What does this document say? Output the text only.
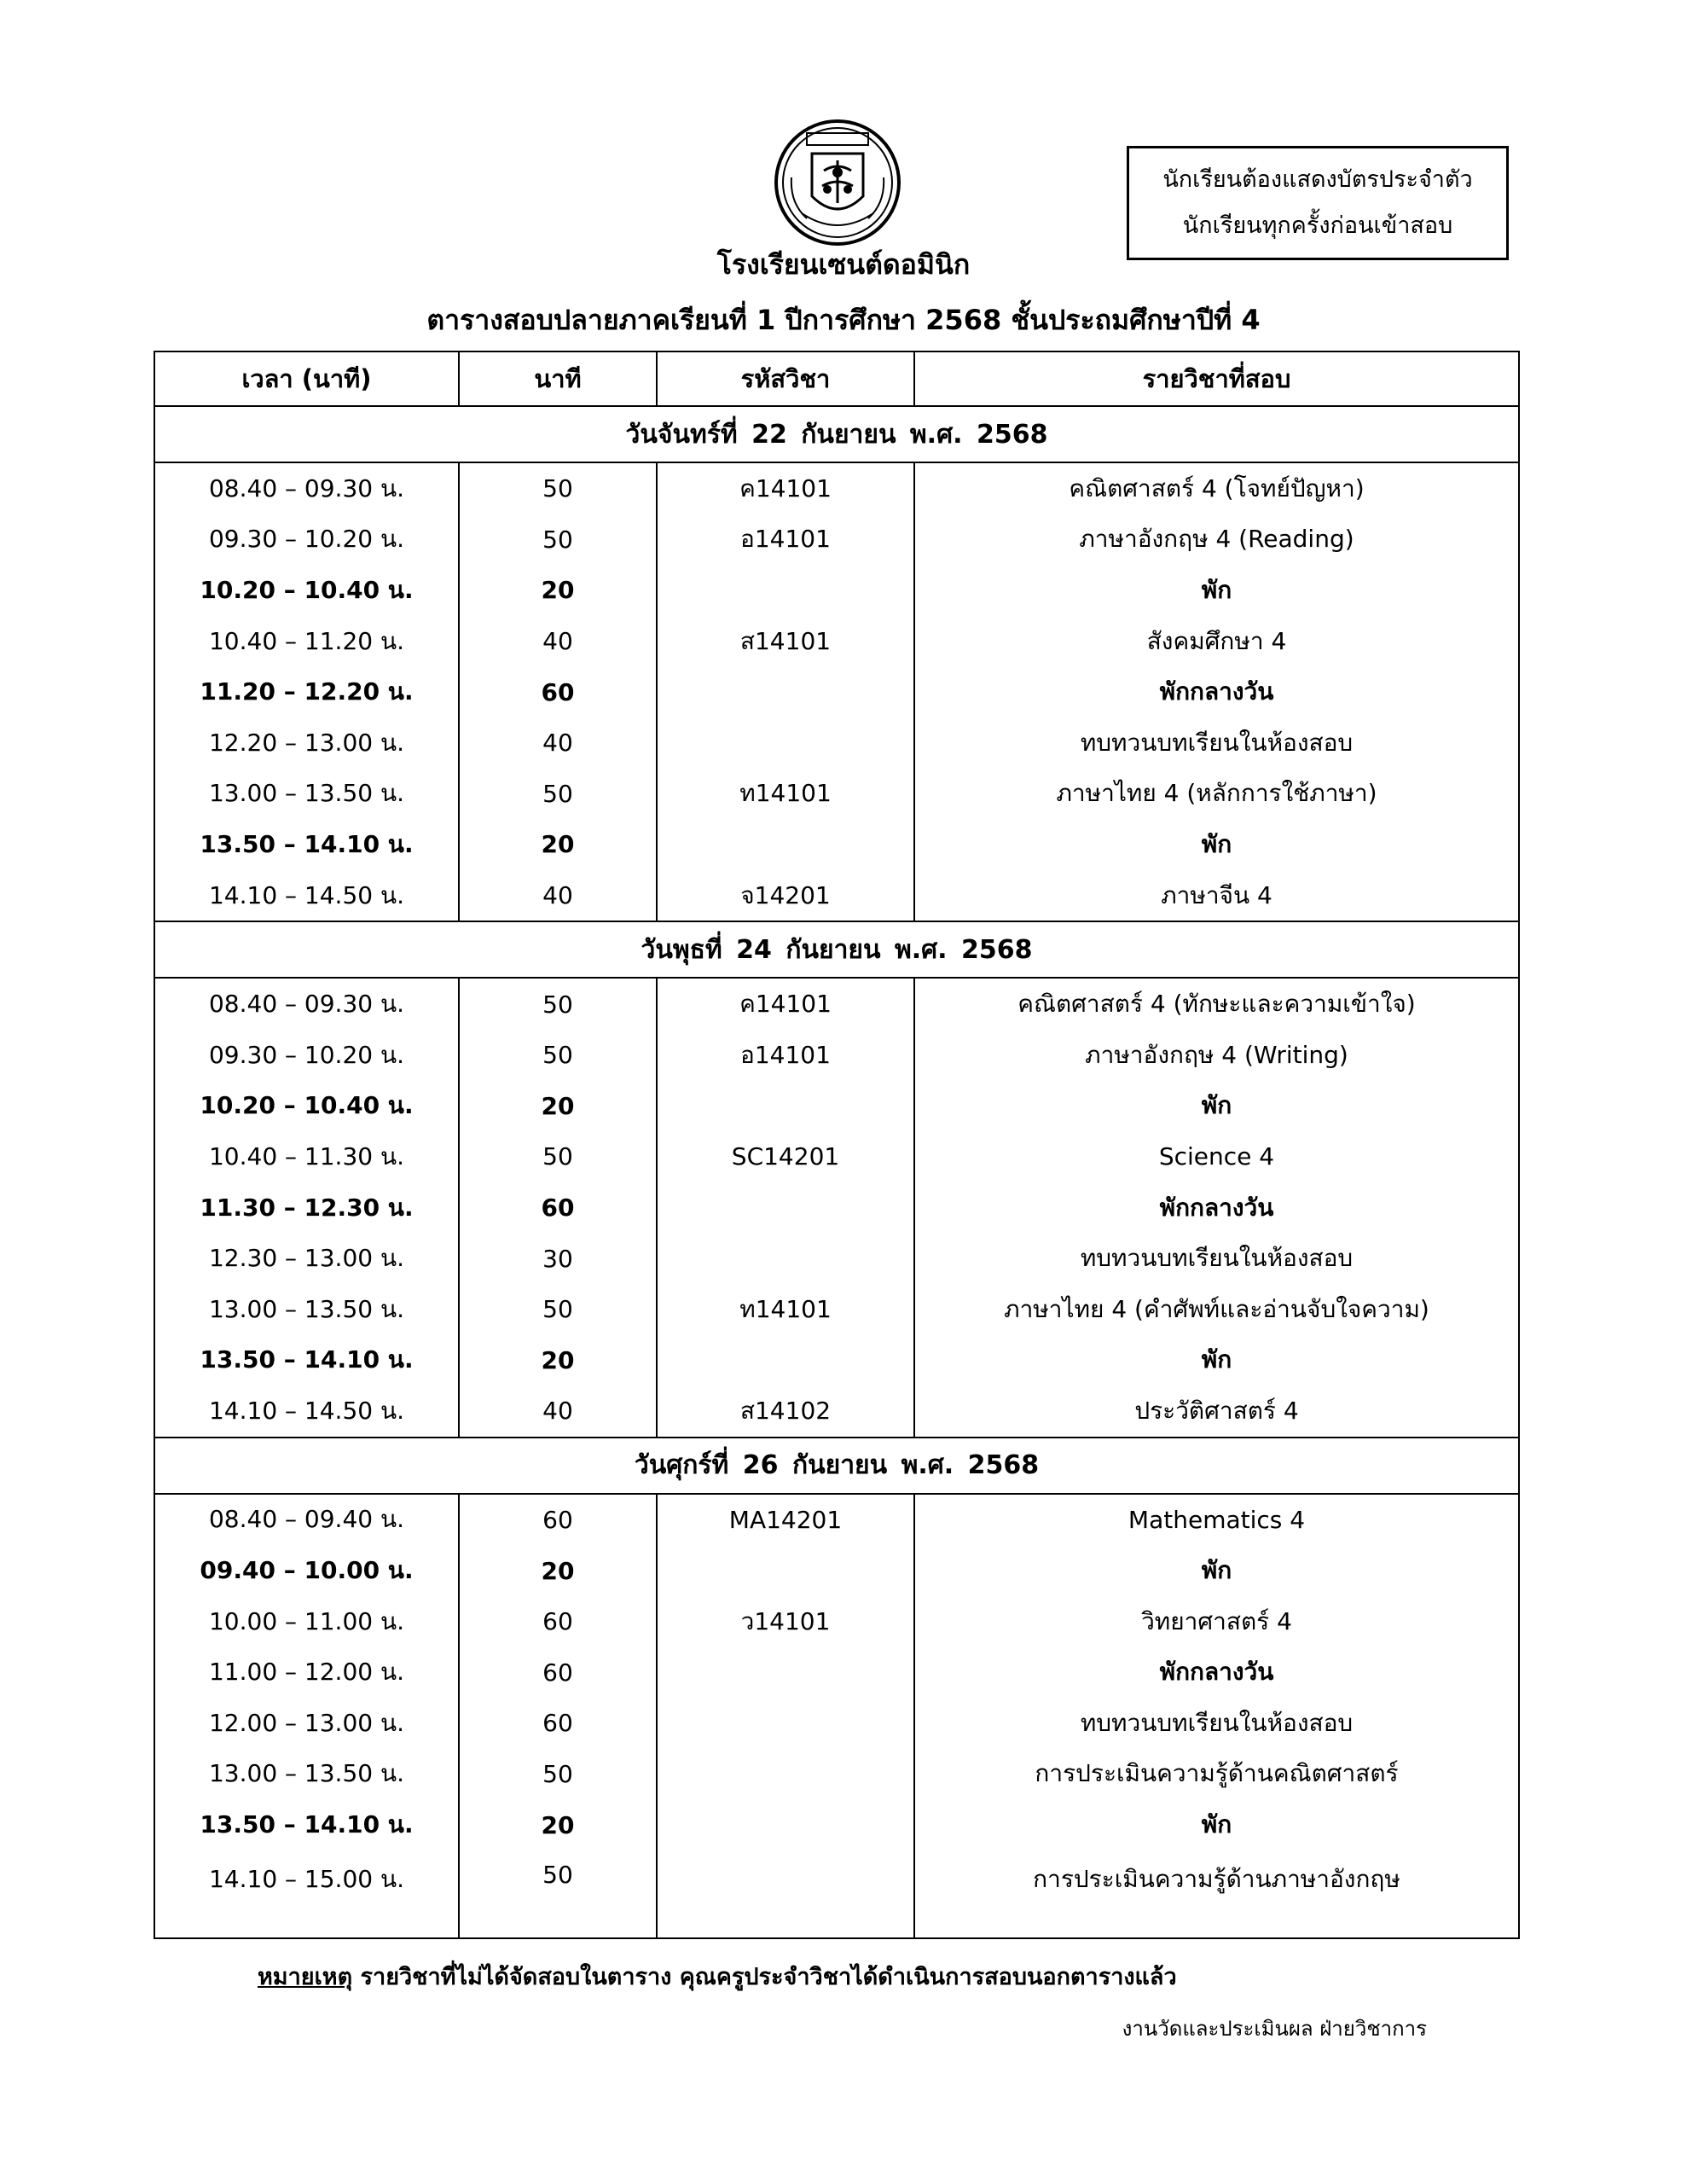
นักเรียนต้องแสดงบัตรประจำตัว
นักเรียนทุกครั้งก่อนเข้าสอบ
โรงเรียนเซนต์ดอมินิก
ตารางสอบปลายภาคเรียนที่ 1 ปีการศึกษา 2568 ชั้นประถมศึกษาปีที่ 4
เวลา (นาที)	นาที	รหัสวิชา	รายวิชาที่สอบ
วันจันทร์ที่ 22 กันยายน พ.ศ. 2568			
08.40 – 09.30 น.	50	ค14101	คณิตศาสตร์ 4 (โจทย์ปัญหา)
09.30 – 10.20 น.	50	อ14101	ภาษาอังกฤษ 4 (Reading)
10.20 – 10.40 น.	20		พัก
10.40 – 11.20 น.	40	ส14101	สังคมศึกษา 4
11.20 – 12.20 น.	60		พักกลางวัน
12.20 – 13.00 น.	40		ทบทวนบทเรียนในห้องสอบ
13.00 – 13.50 น.	50	ท14101	ภาษาไทย 4 (หลักการใช้ภาษา)
13.50 – 14.10 น.	20		พัก
14.10 – 14.50 น.	40	จ14201	ภาษาจีน 4
วันพุธที่ 24 กันยายน พ.ศ. 2568			
08.40 – 09.30 น.	50	ค14101	คณิตศาสตร์ 4 (ทักษะและความเข้าใจ)
09.30 – 10.20 น.	50	อ14101	ภาษาอังกฤษ 4 (Writing)
10.20 – 10.40 น.	20		พัก
10.40 – 11.30 น.	50	SC14201	Science 4
11.30 – 12.30 น.	60		พักกลางวัน
12.30 – 13.00 น.	30		ทบทวนบทเรียนในห้องสอบ
13.00 – 13.50 น.	50	ท14101	ภาษาไทย 4 (คำศัพท์และอ่านจับใจความ)
13.50 – 14.10 น.	20		พัก
14.10 – 14.50 น.	40	ส14102	ประวัติศาสตร์ 4
วันศุกร์ที่ 26 กันยายน พ.ศ. 2568			
08.40 – 09.40 น.	60	MA14201	Mathematics 4
09.40 – 10.00 น.	20		พัก
10.00 – 11.00 น.	60	ว14101	วิทยาศาสตร์ 4
11.00 – 12.00 น.	60		พักกลางวัน
12.00 – 13.00 น.	60		ทบทวนบทเรียนในห้องสอบ
13.00 – 13.50 น.	50		การประเมินความรู้ด้านคณิตศาสตร์
13.50 – 14.10 น.	20		พัก
14.10 – 15.00 น.	50		การประเมินความรู้ด้านภาษาอังกฤษ
หมายเหตุ รายวิชาที่ไม่ได้จัดสอบในตาราง คุณครูประจำวิชาได้ดำเนินการสอบนอกตารางแล้ว
งานวัดและประเมินผล ฝ่ายวิชาการ
